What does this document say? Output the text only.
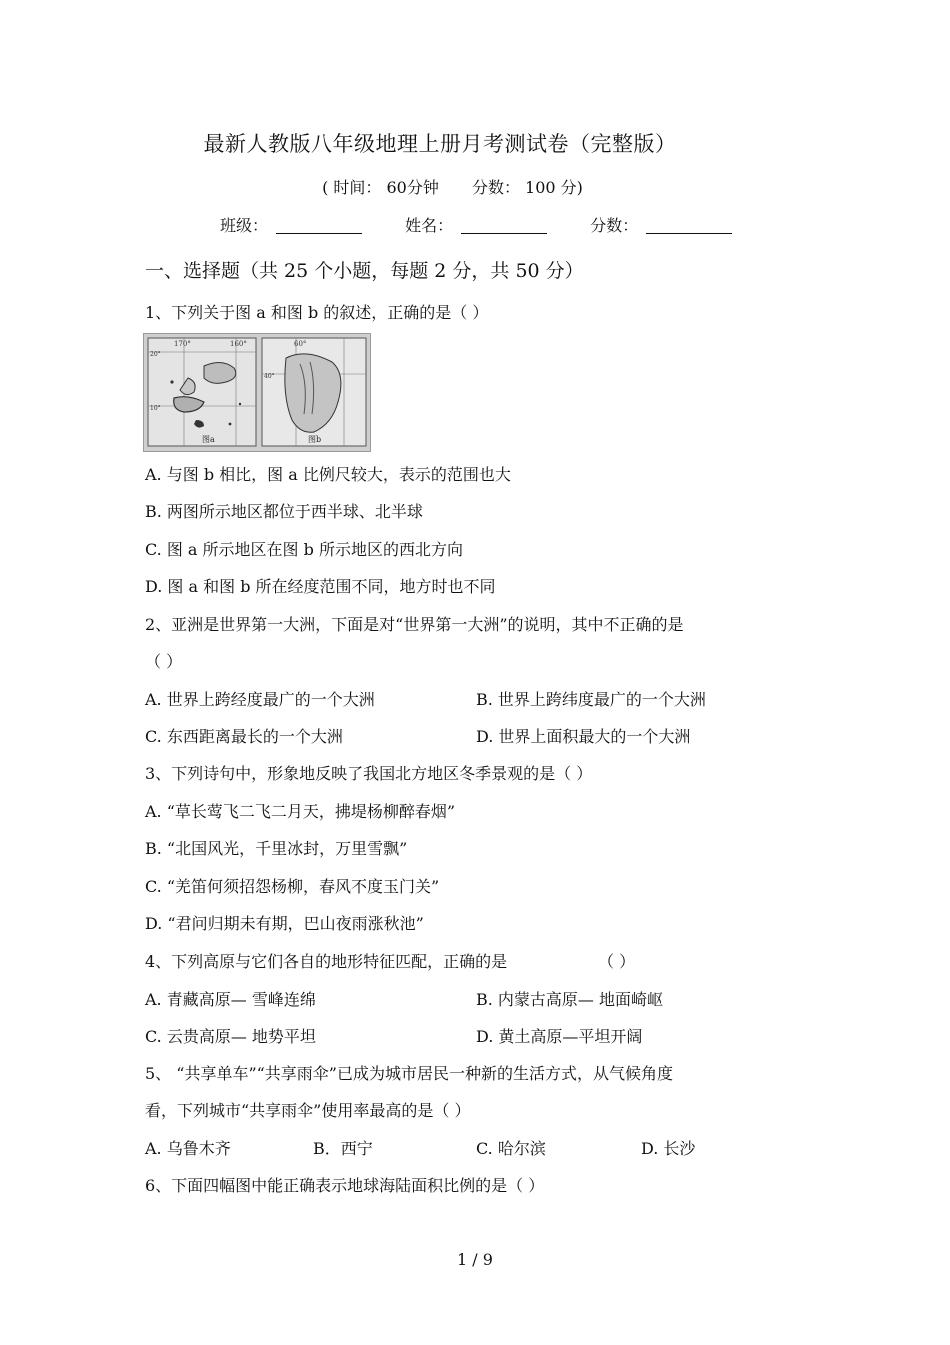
最新人教版八年级地理上册月考测试卷（完整版）
( 时间： 60分钟 分数： 100 分)
班级：	姓名：	分数：
一、选择题（共 25 个小题，每题 2 分，共 50 分）
1、下列关于图 a 和图 b 的叙述，正确的是（ ）
170°	160°
20°
10°
图a
60°
40°
图b
A. 与图 b 相比，图 a 比例尺较大，表示的范围也大
B. 两图所示地区都位于西半球、北半球
C. 图 a 所示地区在图 b 所示地区的西北方向
D. 图 a 和图 b 所在经度范围不同，地方时也不同
2、亚洲是世界第一大洲，下面是对“世界第一大洲”的说明，其中不正确的是
（ ）
A. 世界上跨经度最广的一个大洲	B. 世界上跨纬度最广的一个大洲
C. 东西距离最长的一个大洲	D. 世界上面积最大的一个大洲
3、下列诗句中，形象地反映了我国北方地区冬季景观的是（ ）
A. “草长莺飞二飞二月天，拂堤杨柳醉春烟”
B. “北国风光，千里冰封，万里雪飘”
C. “羌笛何须招怨杨柳，春风不度玉门关”
D. “君问归期未有期，巴山夜雨涨秋池”
4、下列高原与它们各自的地形特征匹配，正确的是	（ ）
A. 青藏高原— 雪峰连绵	B. 内蒙古高原— 地面崎岖
C. 云贵高原— 地势平坦	D. 黄土高原—平坦开阔
5、 “共享单车”“共享雨伞”已成为城市居民一种新的生活方式，从气候角度
看，下列城市“共享雨伞”使用率最高的是（ ）
A. 乌鲁木齐	B．西宁	C. 哈尔滨	D. 长沙
6、下面四幅图中能正确表示地球海陆面积比例的是（ ）
1 / 9
